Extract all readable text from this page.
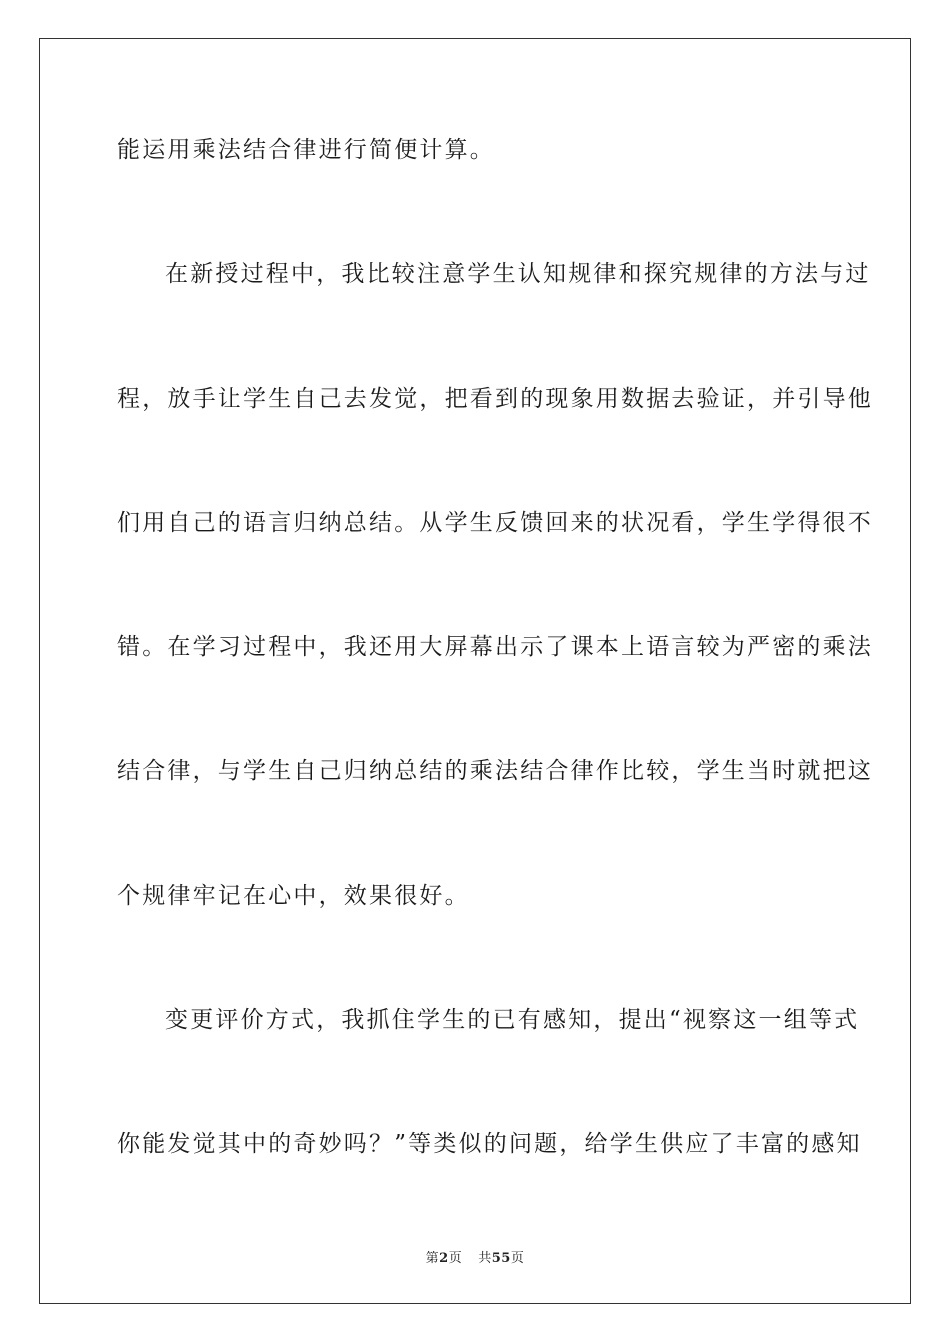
能运用乘法结合律进行简便计算。
在新授过程中，我比较注意学生认知规律和探究规律的方法与过
程，放手让学生自己去发觉，把看到的现象用数据去验证，并引导他
们用自己的语言归纳总结。从学生反馈回来的状况看，学生学得很不
错。在学习过程中，我还用大屏幕出示了课本上语言较为严密的乘法
结合律，与学生自己归纳总结的乘法结合律作比较，学生当时就把这
个规律牢记在心中，效果很好。
变更评价方式，我抓住学生的已有感知，提出“视察这一组等式
你能发觉其中的奇妙吗？”等类似的问题，给学生供应了丰富的感知
第2页 共55页
